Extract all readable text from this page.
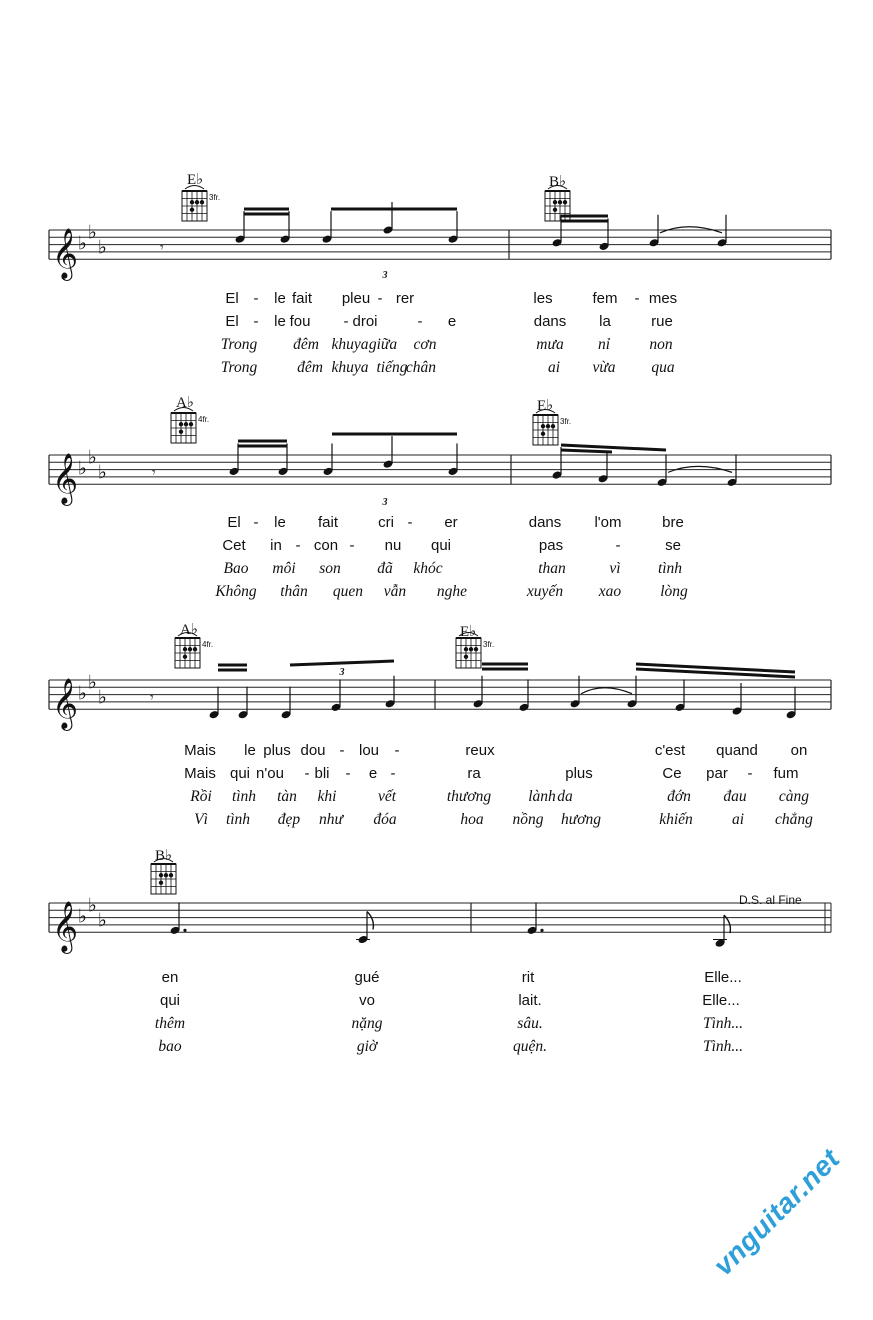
𝄞 ♭ ♭
♭	𝄾
𝄞 ♭ ♭
♭	𝄾
𝄞 ♭ ♭
♭	𝄾
𝄞 ♭ ♭
♭
E♭
3fr.
B♭
3
El - le fait pleu - rer	les	fem - mes
El - le fou - droi	- e	dans la	rue
Trong đêm khuya giữa cơn	mưa nỉ	non
Trong	đêm khuya tiếng
chân	ai vừa qua
A♭
4fr.
E♭
3fr.
3
El - le fait	cri - er	dans l'om	bre
Cet in - con - nu qui	pas	-	se
Bao môi son đã khóc	than	vì tình
Không thân quen vẫn nghe	xuyến xao	lòng
A♭
4fr.
E♭
3fr.
3
Mais le plus dou - lou -	reux	c'est quand on
Mais qui n'ou - bli - e -	ra	plus	Ce par - fum
Rồi tình tàn khi	vết	thương lành da	đớn đau càng
Vì tình đẹp như đóa	hoa nồng hương	khiến	ai chẳng
B♭
D.S. al Fine
en	gué	rit	Elle...
qui	vo	lait.	Elle...
thêm	nặng	sâu.	Tình...
bao	giờ	quện.	Tình...
vnguitar.net
